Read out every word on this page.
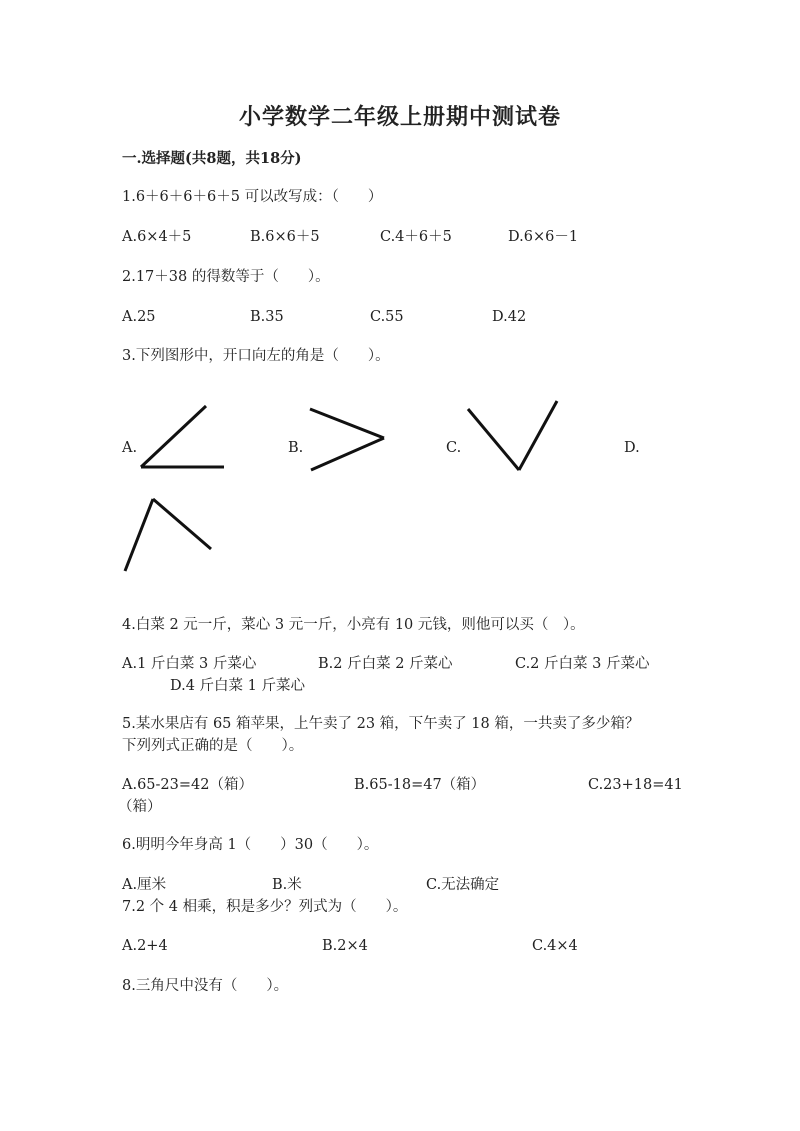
小学数学二年级上册期中测试卷
一.选择题(共8题，共18分)
1.6＋6＋6＋6＋5 可以改写成：（　　）
A.6×4＋5	B.6×6＋5	C.4＋6＋5	D.6×6－1
2.17＋38 的得数等于（　　）。
A.25	B.35	C.55	D.42
3.下列图形中，开口向左的角是（　　）。
A.	B.	C.	D.
4.白菜 2 元一斤，菜心 3 元一斤，小亮有 10 元钱，则他可以买（　）。
A.1 斤白菜 3 斤菜心	B.2 斤白菜 2 斤菜心	C.2 斤白菜 3 斤菜心
D.4 斤白菜 1 斤菜心
5.某水果店有 65 箱苹果，上午卖了 23 箱，下午卖了 18 箱，一共卖了多少箱？
下列列式正确的是（　　）。
A.65-23=42（箱）	B.65-18=47（箱）	C.23+18=41
（箱）
6.明明今年身高 1（　　）30（　　）。
A.厘米	B.米	C.无法确定
7.2 个 4 相乘，积是多少？列式为（　　）。
A.2+4	B.2×4	C.4×4
8.三角尺中没有（　　）。
